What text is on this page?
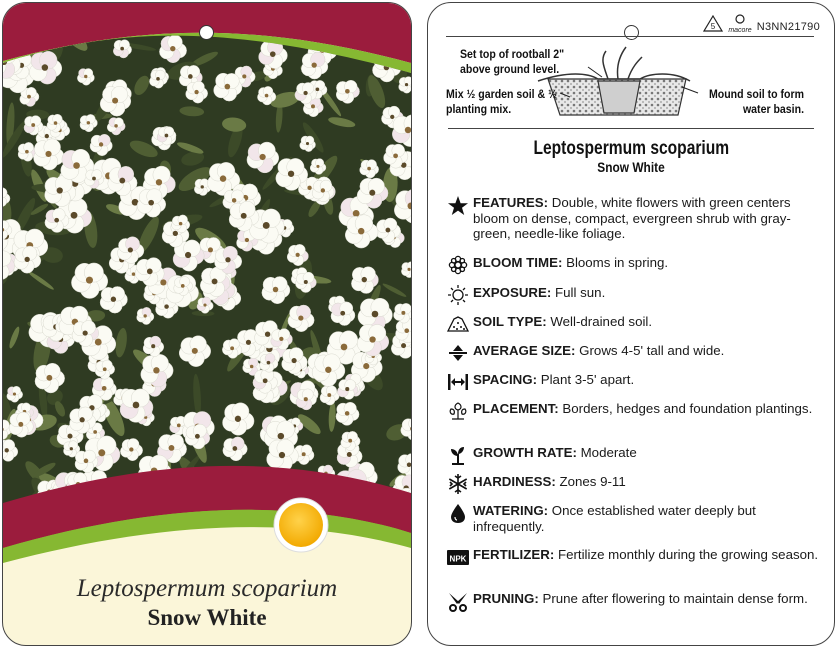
Leptospermum scoparium
Snow White
5 macore N3NN21790
Set top of rootball 2" above ground level.
Mix ½ garden soil & ½ planting mix.
Mound soil to form water basin.
Leptospermum scoparium
Snow White
FEATURES: Double, white flowers with green centers bloom on dense, compact, evergreen shrub with gray-green, needle-like foliage.
BLOOM TIME: Blooms in spring.
EXPOSURE: Full sun.
SOIL TYPE: Well-drained soil.
AVERAGE SIZE: Grows 4-5' tall and wide.
SPACING: Plant 3-5' apart.
PLACEMENT: Borders, hedges and foundation plantings.
GROWTH RATE: Moderate
HARDINESS: Zones 9-11
WATERING: Once established water deeply but infrequently.
NPK FERTILIZER: Fertilize monthly during the growing season.
PRUNING: Prune after flowering to maintain dense form.
